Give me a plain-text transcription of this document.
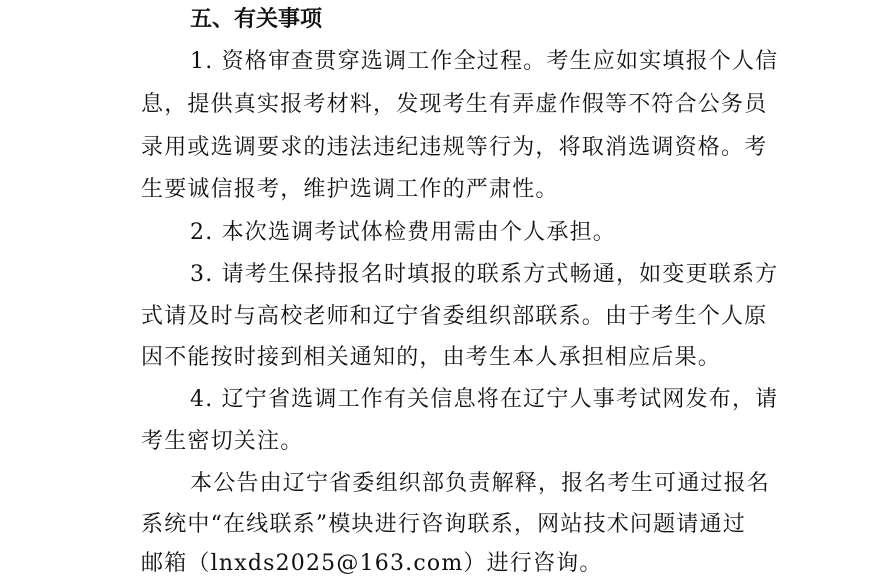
五、有关事项
1. 资格审查贯穿选调工作全过程。考生应如实填报个人信
息，提供真实报考材料，发现考生有弄虚作假等不符合公务员
录用或选调要求的违法违纪违规等行为，将取消选调资格。考
生要诚信报考，维护选调工作的严肃性。
2. 本次选调考试体检费用需由个人承担。
3. 请考生保持报名时填报的联系方式畅通，如变更联系方
式请及时与高校老师和辽宁省委组织部联系。由于考生个人原
因不能按时接到相关通知的，由考生本人承担相应后果。
4. 辽宁省选调工作有关信息将在辽宁人事考试网发布，请
考生密切关注。
本公告由辽宁省委组织部负责解释，报名考生可通过报名
系统中“在线联系”模块进行咨询联系，网站技术问题请通过
邮箱（lnxds2025@163.com）进行咨询。
